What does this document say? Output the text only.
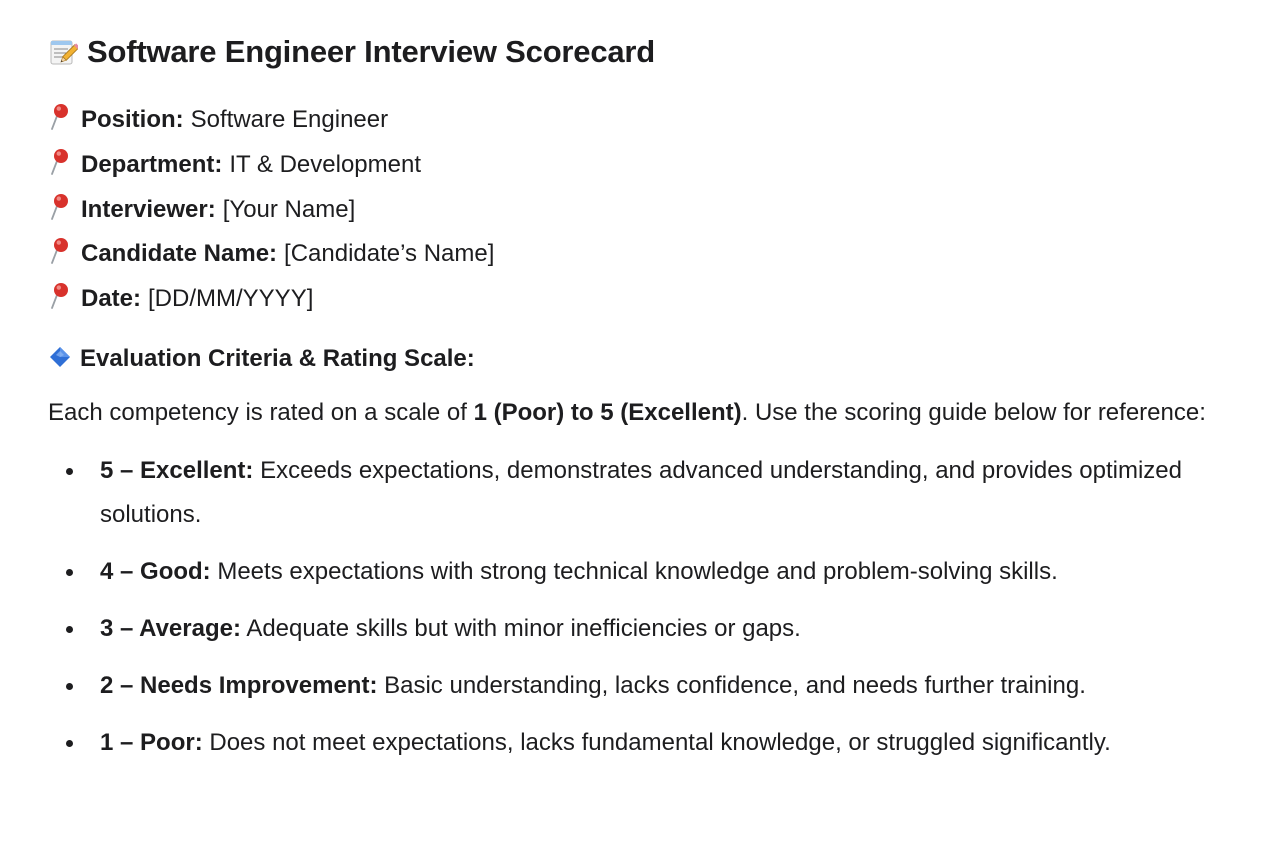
Software Engineer Interview Scorecard
Position: Software Engineer
Department: IT & Development
Interviewer: [Your Name]
Candidate Name: [Candidate’s Name]
Date: [DD/MM/YYYY]
Evaluation Criteria & Rating Scale:

Each competency is rated on a scale of 1 (Poor) to 5 (Excellent). Use the scoring guide below for reference:

5 – Excellent: Exceeds expectations, demonstrates advanced understanding, and provides optimized solutions.
4 – Good: Meets expectations with strong technical knowledge and problem-solving skills.
3 – Average: Adequate skills but with minor inefficiencies or gaps.
2 – Needs Improvement: Basic understanding, lacks confidence, and needs further training.
1 – Poor: Does not meet expectations, lacks fundamental knowledge, or struggled significantly.
